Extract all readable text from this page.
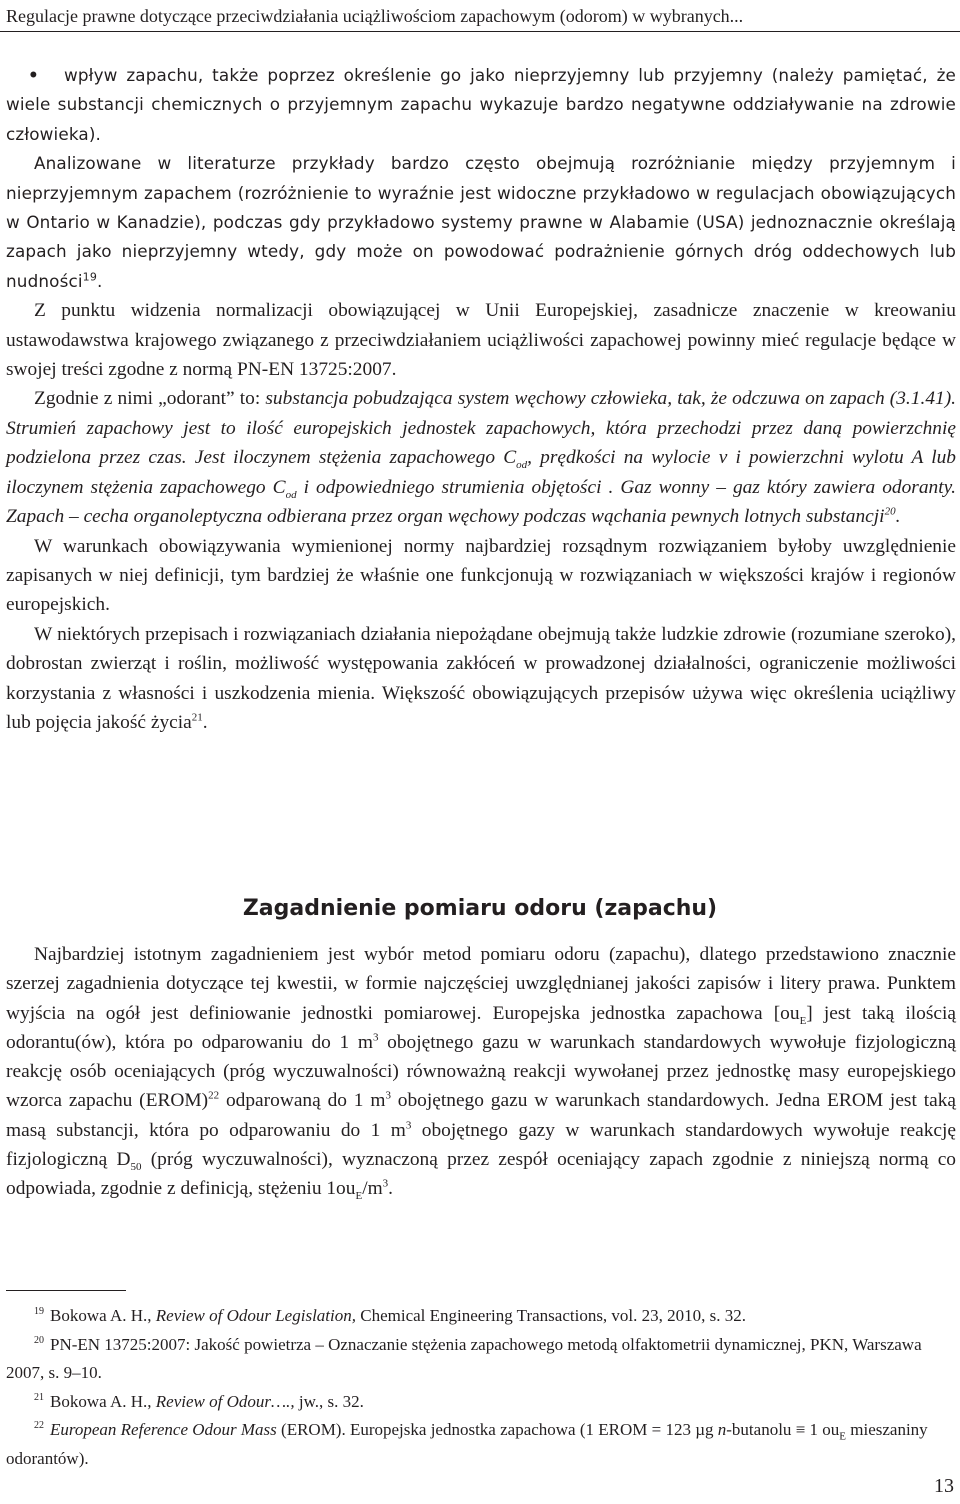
Regulacje prawne dotyczące przeciwdziałania uciążliwościom zapachowym (odorom) w wybranych...
•	wpływ zapachu, także poprzez określenie go jako nieprzyjemny lub przyjemny (należy pamiętać, że wiele substancji chemicznych o przyjemnym zapachu wykazuje bardzo negatywne oddziaływanie na zdrowie człowieka).

Analizowane w literaturze przykłady bardzo często obejmują rozróżnianie między przyjemnym i nieprzyjemnym zapachem (rozróżnienie to wyraźnie jest widoczne przykładowo w regulacjach obowiązujących w Ontario w Kanadzie), podczas gdy przykładowo systemy prawne w Alabamie (USA) jednoznacznie określają zapach jako nieprzyjemny wtedy, gdy może on powodować podrażnienie górnych dróg oddechowych lub nudności$^{19}$.

Z punktu widzenia normalizacji obowiązującej w Unii Europejskiej, zasadnicze znaczenie w kreowaniu ustawodawstwa krajowego związanego z przeciwdziałaniem uciążliwości zapachowej powinny mieć regulacje będące w swojej treści zgodne z normą PN-EN 13725:2007.

Zgodnie z nimi „odorant” to: substancja pobudzająca system węchowy człowieka, tak, że odczuwa on zapach (3.1.41). Strumień zapachowy jest to ilość europejskich jednostek zapachowych, która przechodzi przez daną powierzchnię podzielona przez czas. Jest iloczynem stężenia zapachowego $C_{od}$, prędkości na wylocie v i powierzchni wylotu A lub iloczynem stężenia zapachowego $C_{od}$ i odpowiedniego strumienia objętości . Gaz wonny – gaz który zawiera odoranty. Zapach – cecha organoleptyczna odbierana przez organ węchowy podczas wąchania pewnych lotnych substancji$^{20}$.

W warunkach obowiązywania wymienionej normy najbardziej rozsądnym rozwiązaniem byłoby uwzględnienie zapisanych w niej definicji, tym bardziej że właśnie one funkcjonują w rozwiązaniach w większości krajów i regionów europejskich.

W niektórych przepisach i rozwiązaniach działania niepożądane obejmują także ludzkie zdrowie (rozumiane szeroko), dobrostan zwierząt i roślin, możliwość występowania zakłóceń w prowadzonej działalności, ograniczenie możliwości korzystania z własności i uszkodzenia mienia. Większość obowiązujących przepisów używa więc określenia uciążliwy lub pojęcia jakość życia$^{21}$.

Zagadnienie pomiaru odoru (zapachu)

Najbardziej istotnym zagadnieniem jest wybór metod pomiaru odoru (zapachu), dlatego przedstawiono znacznie szerzej zagadnienia dotyczące tej kwestii, w formie najczęściej uwzględnianej jakości zapisów i litery prawa. Punktem wyjścia na ogół jest definiowanie jednostki pomiarowej. Europejska jednostka zapachowa $[ou_E]$ jest taką ilością odorantu(ów), która po odparowaniu do 1 $m^3$ obojętnego gazu w warunkach standardowych wywołuje fizjologiczną reakcję osób oceniających (próg wyczuwalności) równoważną reakcji wywołanej przez jednostkę masy europejskiego wzorca zapachu (EROM)$^{22}$ odparowaną do 1 $m^3$ obojętnego gazu w warunkach standardowych. Jedna EROM jest taką masą substancji, która po odparowaniu do 1 $m^3$ obojętnego gazy w warunkach standardowych wywołuje reakcję fizjologiczną $D_{50}$ (próg wyczuwalności), wyznaczoną przez zespół oceniający zapach zgodnie z niniejszą normą co odpowiada, zgodnie z definicją, stężeniu $1ou_E/m^3$.

$^{19}$ Bokowa A. H., Review of Odour Legislation, Chemical Engineering Transactions, vol. 23, 2010, s. 32.

$^{20}$ PN-EN 13725:2007: Jakość powietrza – Oznaczanie stężenia zapachowego metodą olfaktometrii dynamicznej, PKN, Warszawa 2007, s. 9–10.

$^{21}$ Bokowa A. H., Review of Odour…., jw., s. 32.

$^{22}$ European Reference Odour Mass (EROM). Europejska jednostka zapachowa (1 EROM = 123 µg n-butanolu ≡ 1 $ou_E$ mieszaniny odorantów).

13
